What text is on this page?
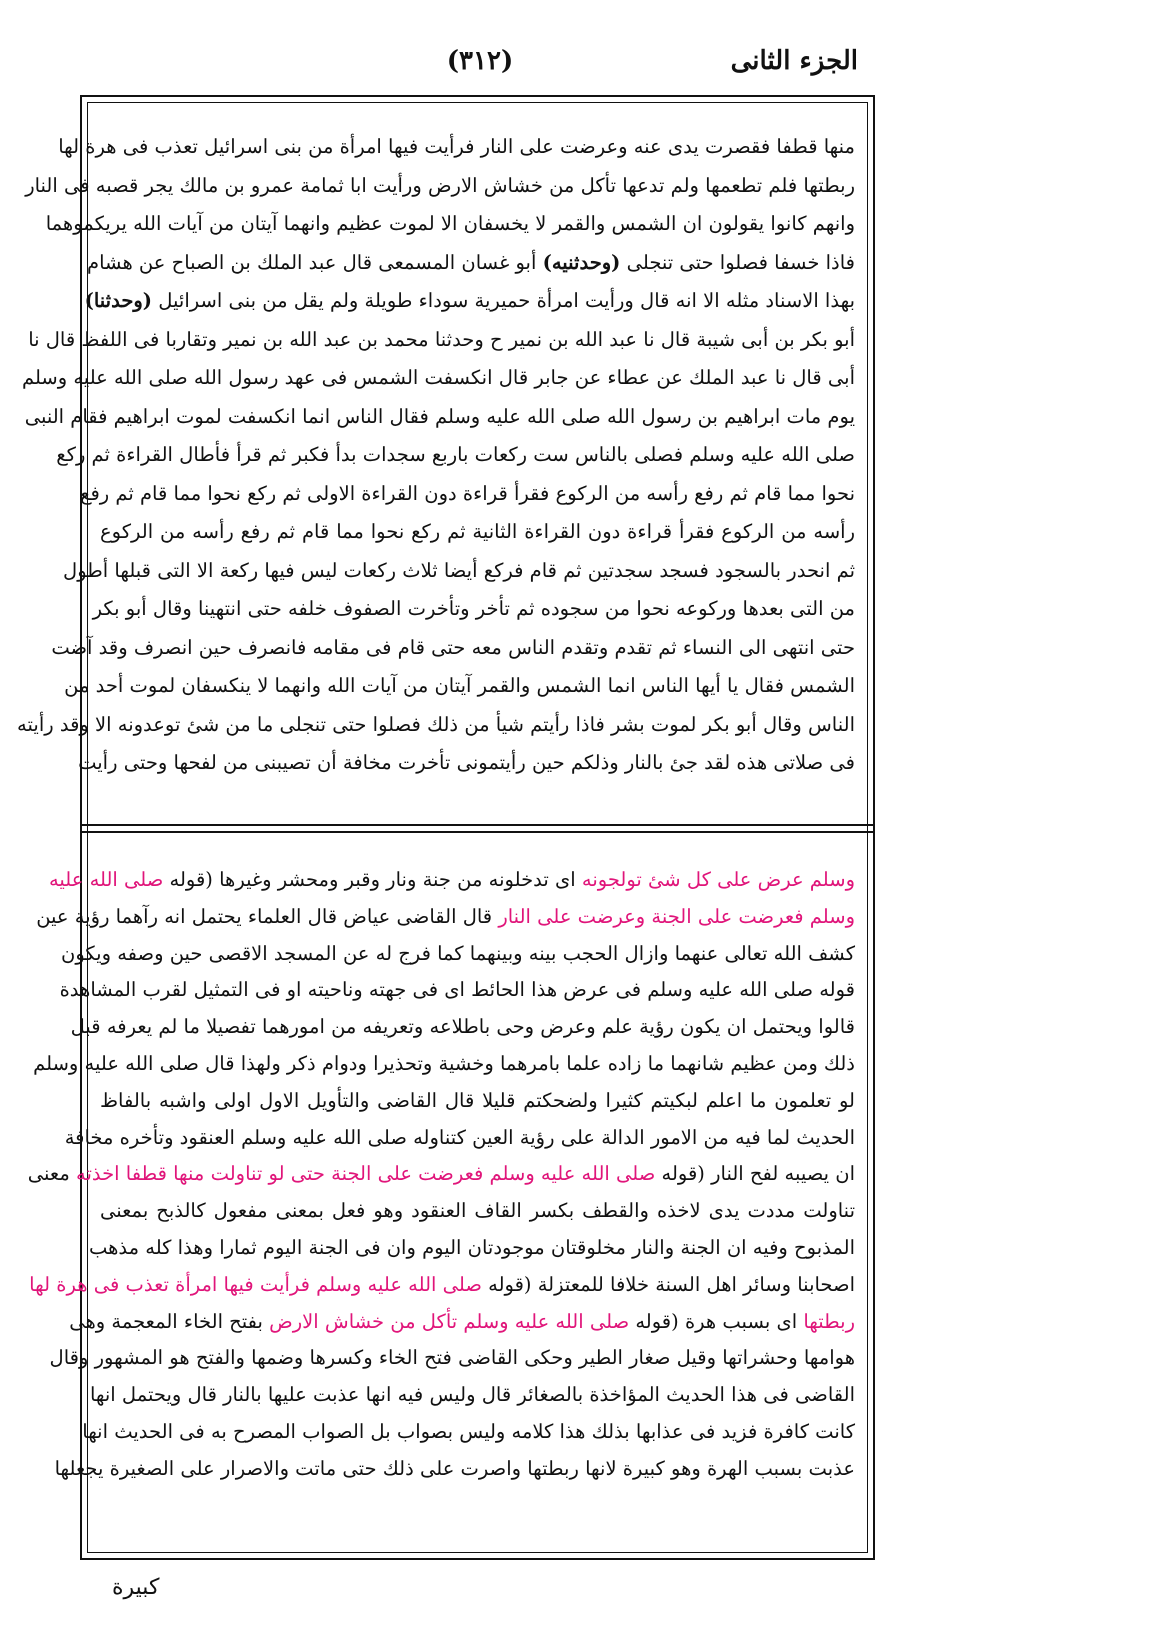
الجزء الثانى
(٣١٢)
منها قطفا فقصرت يدى عنه وعرضت على النار فرأيت فيها امرأة من بنى اسرائيل تعذب فى هرة لها
ربطتها فلم تطعمها ولم تدعها تأكل من خشاش الارض ورأيت ابا ثمامة عمرو بن مالك يجر قصبه فى النار
وانهم كانوا يقولون ان الشمس والقمر لا يخسفان الا لموت عظيم وانهما آيتان من آيات الله يريكموهما
فاذا خسفا فصلوا حتى تنجلى (وحدثنيه) أبو غسان المسمعى قال عبد الملك بن الصباح عن هشام
بهذا الاسناد مثله الا انه قال ورأيت امرأة حميرية سوداء طويلة ولم يقل من بنى اسرائيل (وحدثنا)
أبو بكر بن أبى شيبة قال نا عبد الله بن نمير ح وحدثنا محمد بن عبد الله بن نمير وتقاربا فى اللفظ قال نا
أبى قال نا عبد الملك عن عطاء عن جابر قال انكسفت الشمس فى عهد رسول الله صلى الله عليه وسلم
يوم مات ابراهيم بن رسول الله صلى الله عليه وسلم فقال الناس انما انكسفت لموت ابراهيم فقام النبى
صلى الله عليه وسلم فصلى بالناس ست ركعات باربع سجدات بدأ فكبر ثم قرأ فأطال القراءة ثم ركع
نحوا مما قام ثم رفع رأسه من الركوع فقرأ قراءة دون القراءة الاولى ثم ركع نحوا مما قام ثم رفع
رأسه من الركوع فقرأ قراءة دون القراءة الثانية ثم ركع نحوا مما قام ثم رفع رأسه من الركوع
ثم انحدر بالسجود فسجد سجدتين ثم قام فركع أيضا ثلاث ركعات ليس فيها ركعة الا التى قبلها أطول
من التى بعدها وركوعه نحوا من سجوده ثم تأخر وتأخرت الصفوف خلفه حتى انتهينا وقال أبو بكر
حتى انتهى الى النساء ثم تقدم وتقدم الناس معه حتى قام فى مقامه فانصرف حين انصرف وقد آضت
الشمس فقال يا أيها الناس انما الشمس والقمر آيتان من آيات الله وانهما لا ينكسفان لموت أحد من
الناس وقال أبو بكر لموت بشر فاذا رأيتم شيأ من ذلك فصلوا حتى تنجلى ما من شئ توعدونه الا وقد رأيته
فى صلاتى هذه لقد جئ بالنار وذلكم حين رأيتمونى تأخرت مخافة أن تصيبنى من لفحها وحتى رأيت
وسلم عرض على كل شئ تولجونه اى تدخلونه من جنة ونار وقبر ومحشر وغيرها (قوله صلى الله عليه
وسلم فعرضت على الجنة وعرضت على النار قال القاضى عياض قال العلماء يحتمل انه رآهما رؤية عين
كشف الله تعالى عنهما وازال الحجب بينه وبينهما كما فرج له عن المسجد الاقصى حين وصفه ويكون
قوله صلى الله عليه وسلم فى عرض هذا الحائط اى فى جهته وناحيته او فى التمثيل لقرب المشاهدة
قالوا ويحتمل ان يكون رؤية علم وعرض وحى باطلاعه وتعريفه من امورهما تفصيلا ما لم يعرفه قبل
ذلك ومن عظيم شانهما ما زاده علما بامرهما وخشية وتحذيرا ودوام ذكر ولهذا قال صلى الله عليه وسلم
لو تعلمون ما اعلم لبكيتم كثيرا ولضحكتم قليلا قال القاضى والتأويل الاول اولى واشبه بالفاظ
الحديث لما فيه من الامور الدالة على رؤية العين كتناوله صلى الله عليه وسلم العنقود وتأخره مخافة
ان يصيبه لفح النار (قوله صلى الله عليه وسلم فعرضت على الجنة حتى لو تناولت منها قطفا اخذته معنى
تناولت مددت يدى لاخذه والقطف بكسر القاف العنقود وهو فعل بمعنى مفعول كالذبح بمعنى
المذبوح وفيه ان الجنة والنار مخلوقتان موجودتان اليوم وان فى الجنة اليوم ثمارا وهذا كله مذهب
اصحابنا وسائر اهل السنة خلافا للمعتزلة (قوله صلى الله عليه وسلم فرأيت فيها امرأة تعذب فى هرة لها
ربطتها اى بسبب هرة (قوله صلى الله عليه وسلم تأكل من خشاش الارض بفتح الخاء المعجمة وهى
هوامها وحشراتها وقيل صغار الطير وحكى القاضى فتح الخاء وكسرها وضمها والفتح هو المشهور وقال
القاضى فى هذا الحديث المؤاخذة بالصغائر قال وليس فيه انها عذبت عليها بالنار قال ويحتمل انها
كانت كافرة فزيد فى عذابها بذلك هذا كلامه وليس بصواب بل الصواب المصرح به فى الحديث انها
عذبت بسبب الهرة وهو كبيرة لانها ربطتها واصرت على ذلك حتى ماتت والاصرار على الصغيرة يجعلها
كبيرة
